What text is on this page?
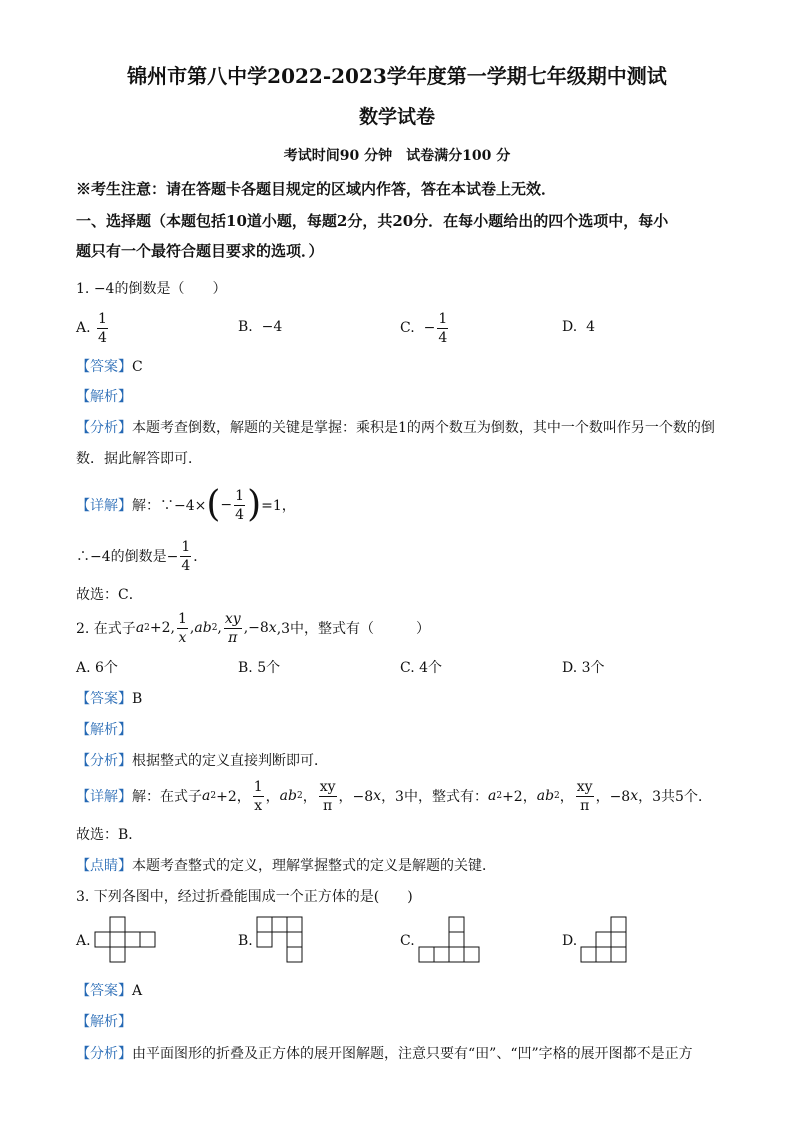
锦州市第八中学2022-2023学年度第一学期七年级期中测试
数学试卷
考试时间90 分钟　试卷满分100 分
※考生注意：请在答题卡各题目规定的区域内作答，答在本试卷上无效．
一、选择题（本题包括10道小题，每题2分，共20分．在每小题给出的四个选项中，每小
题只有一个最符合题目要求的选项．）
1. −4的倒数是（　　）
A.
$\frac{1}{4}$	B. −4	C. − $\frac{1}{4}$	D. 4
【答案】C
【解析】
【分析】本题考查倒数，解题的关键是掌握：乘积是1的两个数互为倒数，其中一个数叫作另一个数的倒
数．据此解答即可．
【详解】 解：∵−4× ( − $\frac{1}{4}$ ) =1，
∴−4的倒数是− $\frac{1}{4}$ ．
故选：C．
2. 在式子 a 2 +2, $\frac{1}{x}$ , ab 2 , $\frac{xy}{\pi} ,-8$ x ,3中 ，整式有（　　　）
A. 6个	B. 5个	C. 4个	D. 3个
【答案】B
【解析】
【分析】根据整式的定义直接判断即可．
【详解】 解：在式子 a 2 +2， $\frac{1}{x}$ ， ab 2 ， $\frac{xy}{\pi}$ ，−8 x ，3 中，整式有： a 2 +2， ab 2 ， $\frac{xy}{\pi}$ ，−8 x ， 3共5个．
故选：B．
【点睛】本题考查整式的定义，理解掌握整式的定义是解题的关键．
3. 下列各图中，经过折叠能围成一个正方体的是(　　)
A.	B.	C.	D.
【答案】A
【解析】
【分析】由平面图形的折叠及正方体的展开图解题，注意只要有“田”、“凹”字格的展开图都不是正方
